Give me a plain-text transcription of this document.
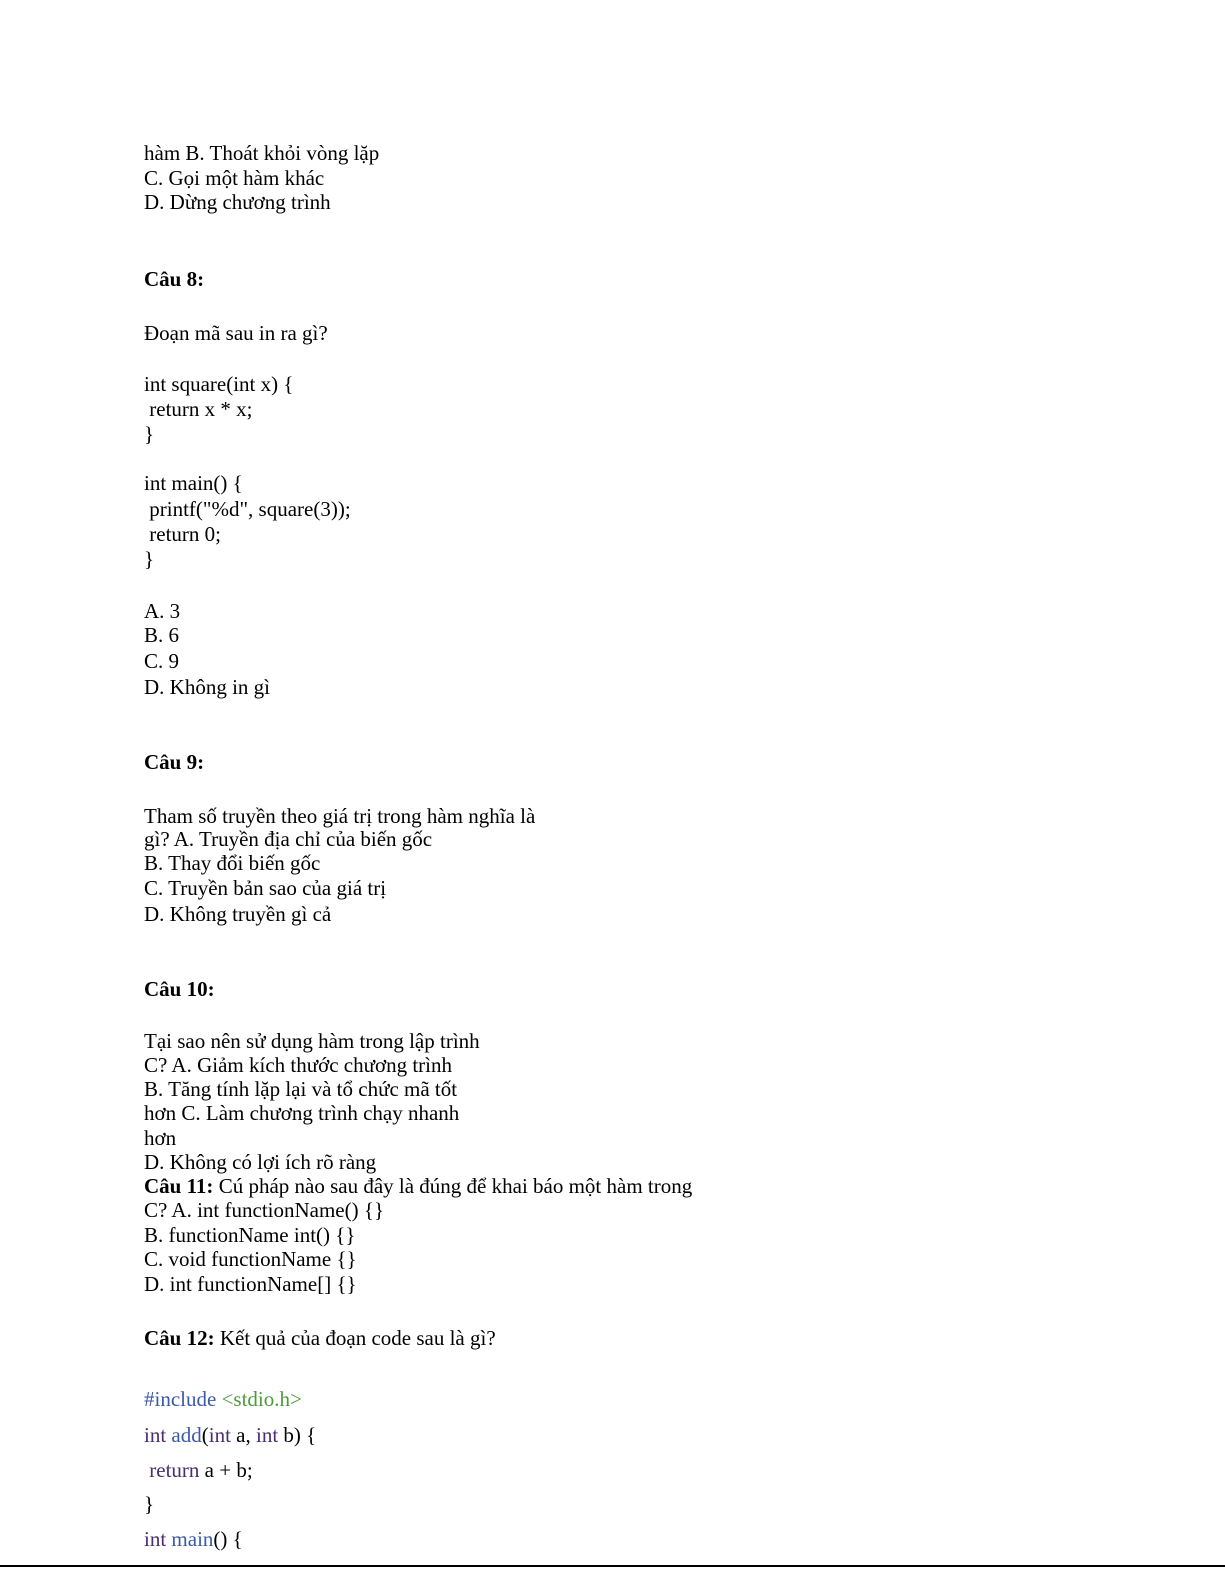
hàm B. Thoát khỏi vòng lặp
C. Gọi một hàm khác
D. Dừng chương trình
Câu 8:
Đoạn mã sau in ra gì?
int square(int x) {
return x * x;
}
int main() {
printf("%d", square(3));
return 0;
}
A. 3
B. 6
C. 9
D. Không in gì
Câu 9:
Tham số truyền theo giá trị trong hàm nghĩa là
gì? A. Truyền địa chỉ của biến gốc
B. Thay đổi biến gốc
C. Truyền bản sao của giá trị
D. Không truyền gì cả
Câu 10:
Tại sao nên sử dụng hàm trong lập trình
C? A. Giảm kích thước chương trình
B. Tăng tính lặp lại và tổ chức mã tốt
hơn C. Làm chương trình chạy nhanh
hơn
D. Không có lợi ích rõ ràng
Câu 11: Cú pháp nào sau đây là đúng để khai báo một hàm trong
C? A. int functionName() {}
B. functionName int() {}
C. void functionName {}
D. int functionName[] {}
Câu 12: Kết quả của đoạn code sau là gì?
#include <stdio.h>
int add(int a, int b) {
return a + b;
}
int main() {
